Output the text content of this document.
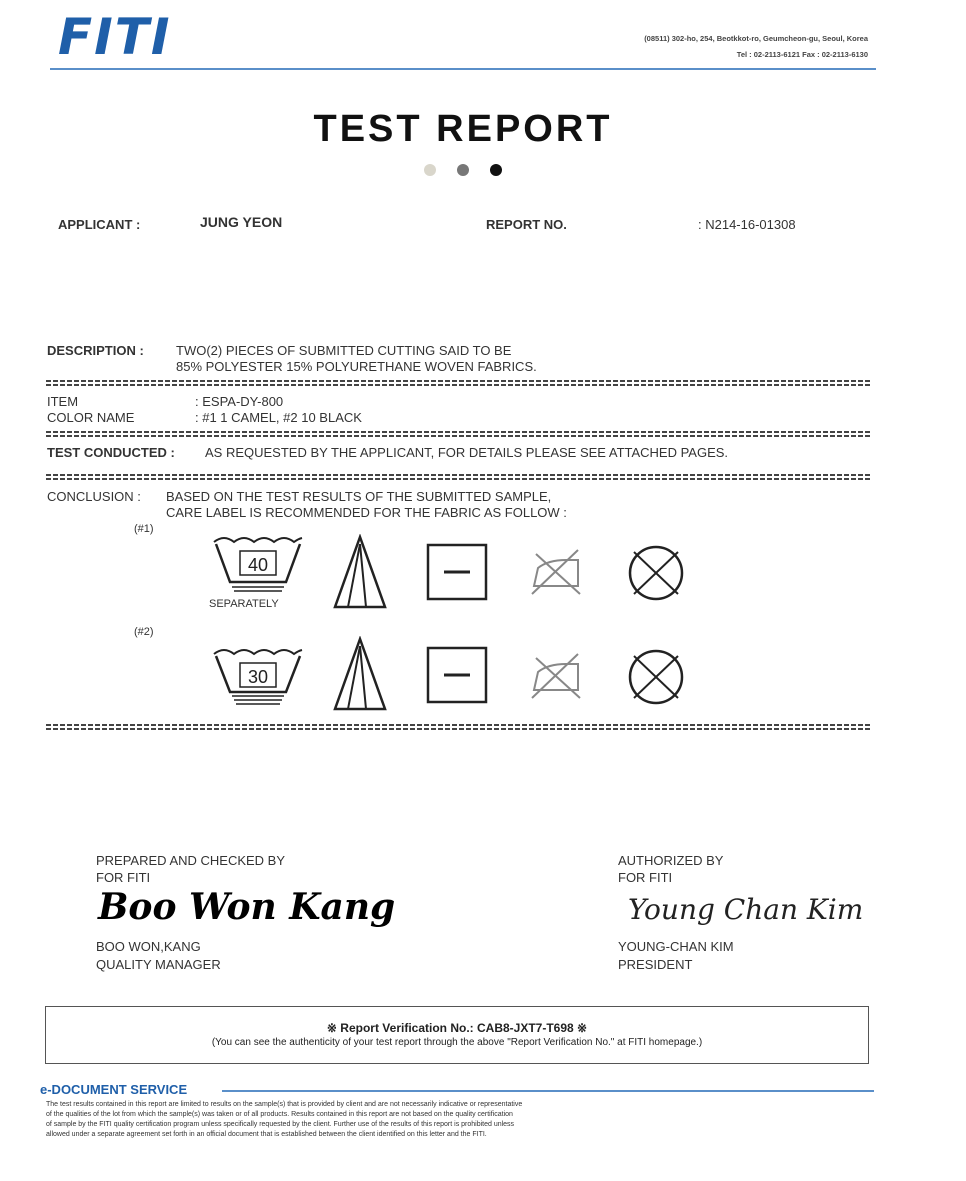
FITI	(08511) 302-ho, 254, Beotkkot-ro, Geumcheon-gu, Seoul, Korea
Tel : 02-2113-6121 Fax : 02-2113-6130
TEST REPORT
APPLICANT :	JUNG YEON	REPORT NO.	: N214-16-01308
DESCRIPTION : TWO(2) PIECES OF SUBMITTED CUTTING SAID TO BE
85% POLYESTER 15% POLYURETHANE WOVEN FABRICS.
ITEM	: ESPA-DY-800
COLOR NAME	: #1 1 CAMEL, #2 10 BLACK
TEST CONDUCTED : AS REQUESTED BY THE APPLICANT, FOR DETAILS PLEASE SEE ATTACHED PAGES.
CONCLUSION : BASED ON THE TEST RESULTS OF THE SUBMITTED SAMPLE,
CARE LABEL IS RECOMMENDED FOR THE FABRIC AS FOLLOW :
(#1)
40
SEPARATELY
(#2)
30
PREPARED AND CHECKED BY
FOR FITI
Boo Won Kang
BOO WON,KANG
QUALITY MANAGER
AUTHORIZED BY
FOR FITI
Young Chan Kim
YOUNG-CHAN KIM
PRESIDENT
※ Report Verification No.: CAB8-JXT7-T698 ※
(You can see the authenticity of your test report through the above "Report Verification No." at FITI homepage.)
e-DOCUMENT SERVICE
The test results contained in this report are limited to results on the sample(s) that is provided by client and are not necessarily indicative or representative
of the qualities of the lot from which the sample(s) was taken or of all products. Results contained in this report are not based on the quality certification
of sample by the FITI quality certification program unless specifically requested by the client. Further use of the results of this report is prohibited unless
allowed under a separate agreement set forth in an official document that is established between the client identified on this letter and the FITI.
